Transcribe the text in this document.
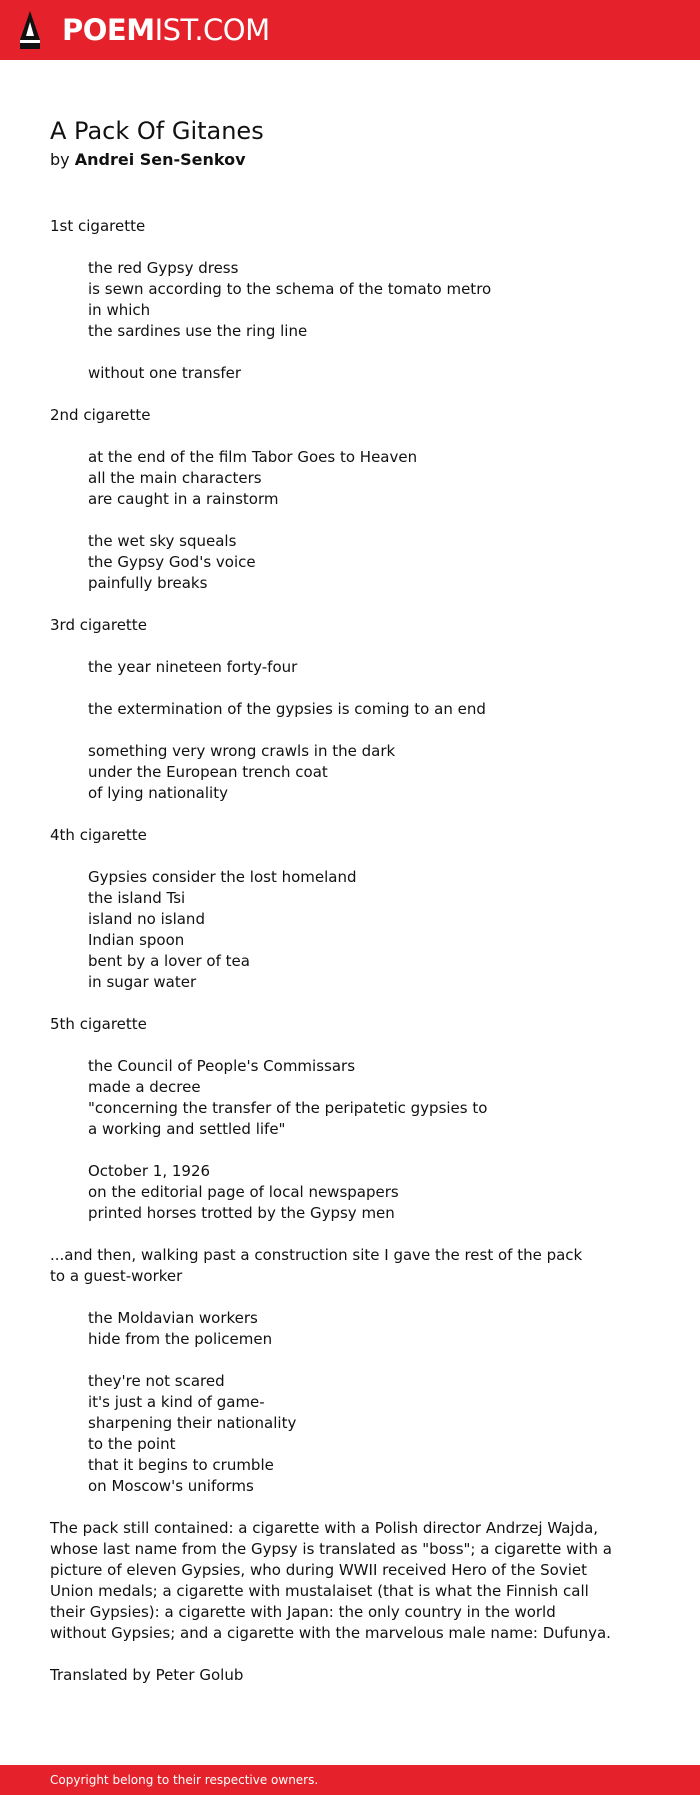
POEMIST.COM
A Pack Of Gitanes
by Andrei Sen-Senkov
1st cigarette
the red Gypsy dress
is sewn according to the schema of the tomato metro
in which
the sardines use the ring line
without one transfer
2nd cigarette
at the end of the film Tabor Goes to Heaven
all the main characters
are caught in a rainstorm
the wet sky squeals
the Gypsy God's voice
painfully breaks
3rd cigarette
the year nineteen forty-four
the extermination of the gypsies is coming to an end
something very wrong crawls in the dark
under the European trench coat
of lying nationality
4th cigarette
Gypsies consider the lost homeland
the island Tsi
island no island
Indian spoon
bent by a lover of tea
in sugar water
5th cigarette
the Council of People's Commissars
made a decree
"concerning the transfer of the peripatetic gypsies to
a working and settled life"
October 1, 1926
on the editorial page of local newspapers
printed horses trotted by the Gypsy men
...and then, walking past a construction site I gave the rest of the pack
to a guest-worker
the Moldavian workers
hide from the policemen
they're not scared
it's just a kind of game-
sharpening their nationality
to the point
that it begins to crumble
on Moscow's uniforms
The pack still contained: a cigarette with a Polish director Andrzej Wajda,
whose last name from the Gypsy is translated as "boss"; a cigarette with a
picture of eleven Gypsies, who during WWII received Hero of the Soviet
Union medals; a cigarette with mustalaiset (that is what the Finnish call
their Gypsies): a cigarette with Japan: the only country in the world
without Gypsies; and a cigarette with the marvelous male name: Dufunya.
Translated by Peter Golub
Copyright belong to their respective owners.
